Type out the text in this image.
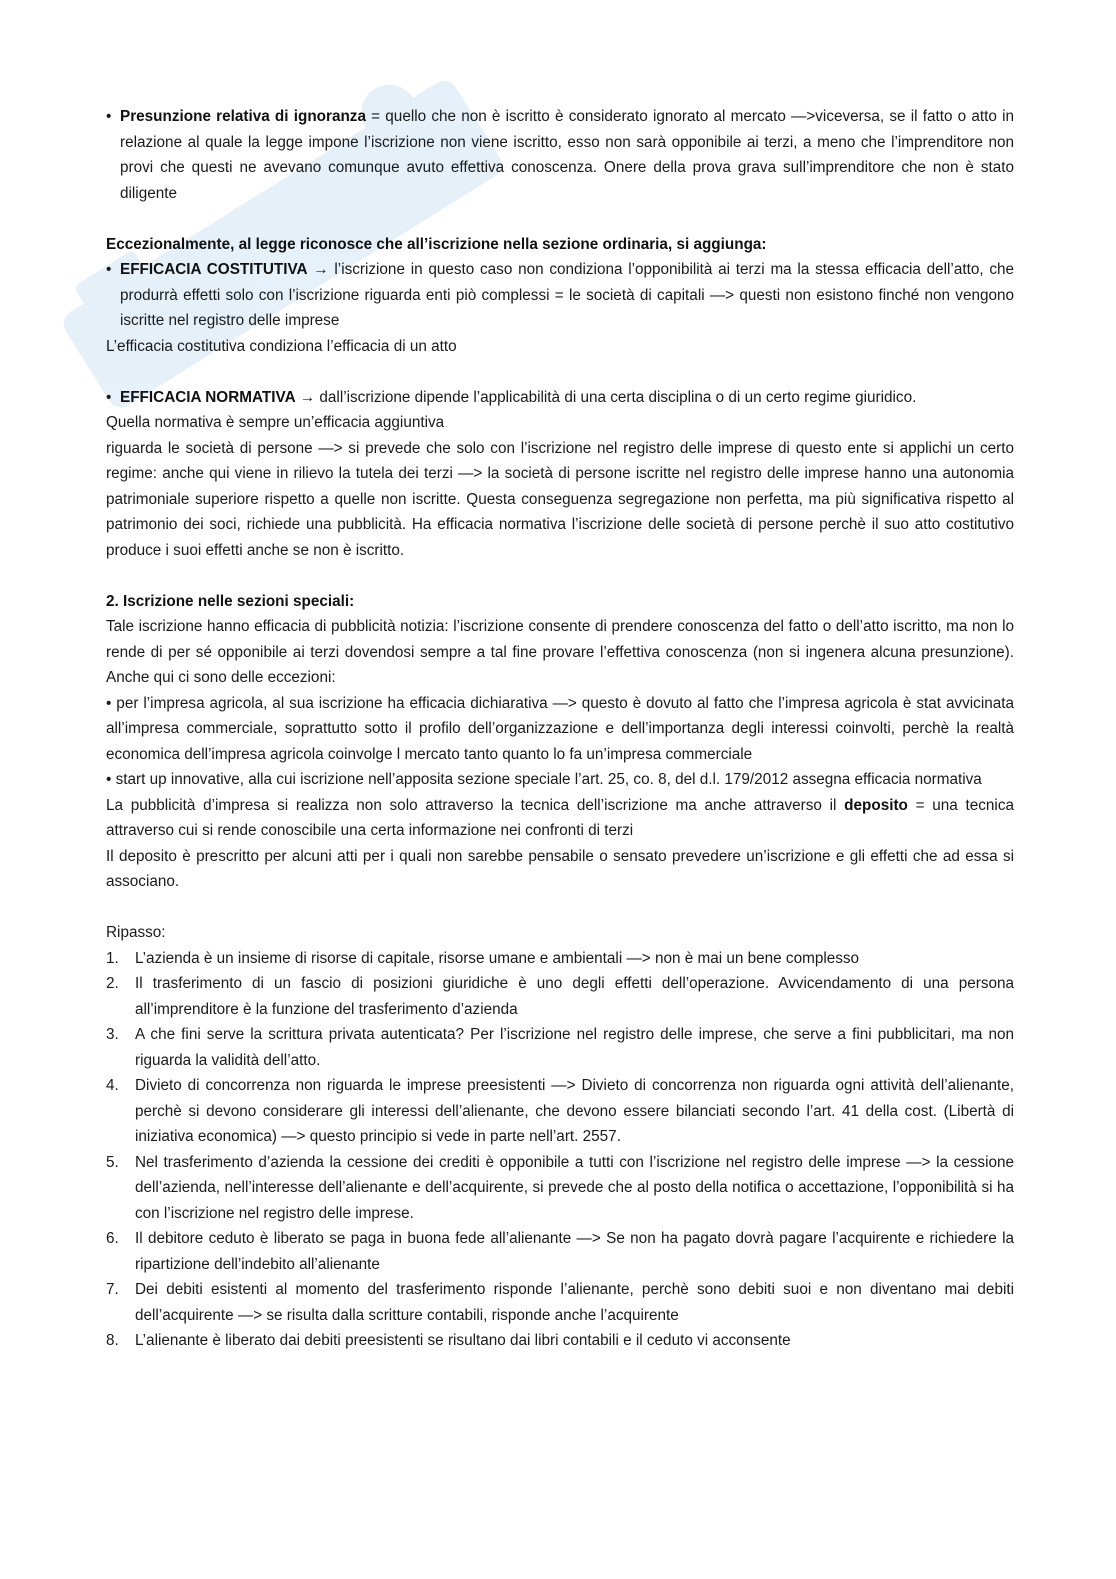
• Presunzione relativa di ignoranza = quello che non è iscritto è considerato ignorato al mercato —>viceversa, se il fatto o atto in relazione al quale la legge impone l’iscrizione non viene iscritto, esso non sarà opponibile ai terzi, a meno che l’imprenditore non provi che questi ne avevano comunque avuto effettiva conoscenza. Onere della prova grava sull’imprenditore che non è stato diligente

Eccezionalmente, al legge riconosce che all’iscrizione nella sezione ordinaria, si aggiunga:

• EFFICACIA COSTITUTIVA → l’iscrizione in questo caso non condiziona l’opponibilità ai terzi ma la stessa efficacia dell’atto, che produrrà effetti solo con l’iscrizione riguarda enti piò complessi = le società di capitali —> questi non esistono finché non vengono iscritte nel registro delle imprese

L’efficacia costitutiva condiziona l’efficacia di un atto

• EFFICACIA NORMATIVA → dall’iscrizione dipende l’applicabilità di una certa disciplina o di un certo regime giuridico.

Quella normativa è sempre un’efficacia aggiuntiva

riguarda le società di persone —> si prevede che solo con l’iscrizione nel registro delle imprese di questo ente si applichi un certo regime: anche qui viene in rilievo la tutela dei terzi —> la società di persone iscritte nel registro delle imprese hanno una autonomia patrimoniale superiore rispetto a quelle non iscritte. Questa conseguenza segregazione non perfetta, ma più significativa rispetto al patrimonio dei soci, richiede una pubblicità. Ha efficacia normativa l’iscrizione delle società di persone perchè il suo atto costitutivo produce i suoi effetti anche se non è iscritto.

2. Iscrizione nelle sezioni speciali:

Tale iscrizione hanno efficacia di pubblicità notizia: l’iscrizione consente di prendere conoscenza del fatto o dell’atto iscritto, ma non lo rende di per sé opponibile ai terzi dovendosi sempre a tal fine provare l’effettiva conoscenza (non si ingenera alcuna presunzione). Anche qui ci sono delle eccezioni:

• per l’impresa agricola, al sua iscrizione ha efficacia dichiarativa —> questo è dovuto al fatto che l’impresa agricola è stat avvicinata all’impresa commerciale, soprattutto sotto il profilo dell’organizzazione e dell’importanza degli interessi coinvolti, perchè la realtà economica dell’impresa agricola coinvolge l mercato tanto quanto lo fa un’impresa commerciale

• start up innovative, alla cui iscrizione nell’apposita sezione speciale l’art. 25, co. 8, del d.l. 179/2012 assegna efficacia normativa

La pubblicità d’impresa si realizza non solo attraverso la tecnica dell’iscrizione ma anche attraverso il deposito = una tecnica attraverso cui si rende conoscibile una certa informazione nei confronti di terzi

Il deposito è prescritto per alcuni atti per i quali non sarebbe pensabile o sensato prevedere un’iscrizione e gli effetti che ad essa si associano.

Ripasso:

1. L’azienda è un insieme di risorse di capitale, risorse umane e ambientali —> non è mai un bene complesso
2. Il trasferimento di un fascio di posizioni giuridiche è uno degli effetti dell’operazione. Avvicendamento di una persona all’imprenditore è la funzione del trasferimento d’azienda
3. A che fini serve la scrittura privata autenticata? Per l’iscrizione nel registro delle imprese, che serve a fini pubblicitari, ma non riguarda la validità dell’atto.
4. Divieto di concorrenza non riguarda le imprese preesistenti —> Divieto di concorrenza non riguarda ogni attività dell’alienante, perchè si devono considerare gli interessi dell’alienante, che devono essere bilanciati secondo l’art. 41 della cost. (Libertà di iniziativa economica) —> questo principio si vede in parte nell’art. 2557.
5. Nel trasferimento d’azienda la cessione dei crediti è opponibile a tutti con l’iscrizione nel registro delle imprese —> la cessione dell’azienda, nell’interesse dell’alienante e dell’acquirente, si prevede che al posto della notifica o accettazione, l’opponibilità si ha con l’iscrizione nel registro delle imprese.
6. Il debitore ceduto è liberato se paga in buona fede all’alienante —> Se non ha pagato dovrà pagare l’acquirente e richiedere la ripartizione dell’indebito all’alienante
7. Dei debiti esistenti al momento del trasferimento risponde l’alienante, perchè sono debiti suoi e non diventano mai debiti dell’acquirente —> se risulta dalla scritture contabili, risponde anche l’acquirente
8. L’alienante è liberato dai debiti preesistenti se risultano dai libri contabili e il ceduto vi acconsente
